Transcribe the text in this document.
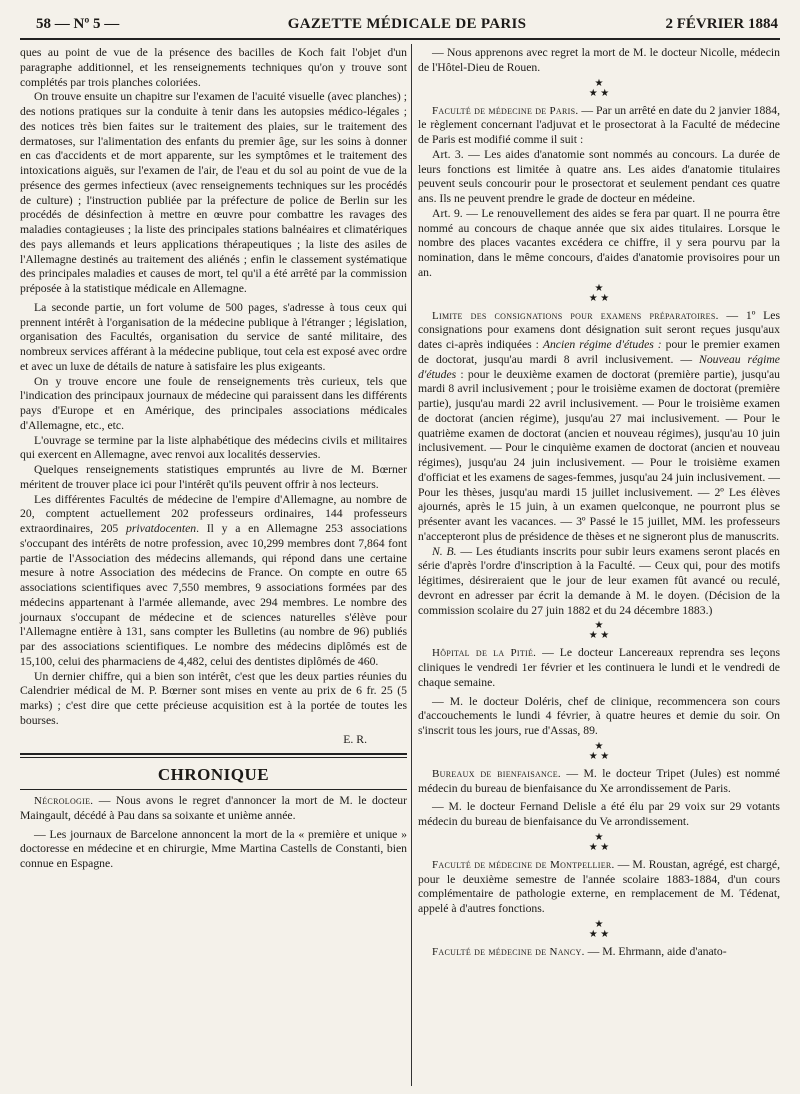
58 — Nº 5 —	GAZETTE MÉDICALE DE PARIS	2 FÉVRIER 1884

ques au point de vue de la présence des bacilles de Koch fait l'objet d'un paragraphe additionnel, et les renseignements techniques qu'on y trouve sont complétés par trois planches coloriées.

On trouve ensuite un chapitre sur l'examen de l'acuité visuelle (avec planches) ; des notions pratiques sur la conduite à tenir dans les autopsies médico-légales ; des notices très bien faites sur le traitement des plaies, sur le traitement des dermatoses, sur l'alimentation des enfants du premier âge, sur les soins à donner en cas d'accidents et de mort apparente, sur les symptômes et le traitement des intoxications aiguës, sur l'examen de l'air, de l'eau et du sol au point de vue de la présence des germes infectieux (avec renseignements techniques sur les procédés de culture) ; l'instruction publiée par la préfecture de police de Berlin sur les procédés de désinfection à mettre en œuvre pour combattre les ravages des maladies contagieuses ; la liste des principales stations balnéaires et climatériques des pays allemands et leurs applications thérapeutiques ; la liste des asiles de l'Allemagne destinés au traitement des aliénés ; enfin le classement systématique des principales maladies et causes de mort, tel qu'il a été arrêté par la commission préposée à la statistique médicale en Allemagne.

La seconde partie, un fort volume de 500 pages, s'adresse à tous ceux qui prennent intérêt à l'organisation de la médecine publique à l'étranger ; législation, organisation des Facultés, organisation du service de santé militaire, des nombreux services afférant à la médecine publique, tout cela est exposé avec ordre et avec un luxe de détails de nature à satisfaire les plus exigeants.

On y trouve encore une foule de renseignements très curieux, tels que l'indication des principaux journaux de médecine qui paraissent dans les différents pays d'Europe et en Amérique, des principales associations médicales d'Allemagne, etc., etc.

L'ouvrage se termine par la liste alphabétique des médecins civils et militaires qui exercent en Allemagne, avec renvoi aux localités desservies.

Quelques renseignements statistiques empruntés au livre de M. Bœrner méritent de trouver place ici pour l'intérêt qu'ils peuvent offrir à nos lecteurs.

Les différentes Facultés de médecine de l'empire d'Allemagne, au nombre de 20, comptent actuellement 202 professeurs ordinaires, 144 professeurs extraordinaires, 205 privatdocenten. Il y a en Allemagne 253 associations s'occupant des intérêts de notre profession, avec 10,299 membres dont 7,864 font partie de l'Association des médecins allemands, qui répond dans une certaine mesure à notre Association des médecins de France. On compte en outre 65 associations scientifiques avec 7,550 membres, 9 associations formées par des médecins appartenant à l'armée allemande, avec 294 membres. Le nombre des journaux s'occupant de médecine et de sciences naturelles s'élève pour l'Allemagne entière à 131, sans compter les Bulletins (au nombre de 96) publiés par des associations scientifiques. Le nombre des médecins diplômés est de 15,100, celui des pharmaciens de 4,482, celui des dentistes diplômés de 460.

Un dernier chiffre, qui a bien son intérêt, c'est que les deux parties réunies du Calendrier médical de M. P. Bœrner sont mises en vente au prix de 6 fr. 25 (5 marks) ; c'est dire que cette précieuse acquisition est à la portée de toutes les bourses.

E. R.

CHRONIQUE

Nécrologie. — Nous avons le regret d'annoncer la mort de M. le docteur Maingault, décédé à Pau dans sa soixante et unième année.

— Les journaux de Barcelone annoncent la mort de la « première et unique » doctoresse en médecine et en chirurgie, Mme Martina Castells de Constanti, bien connue en Espagne.

— Nous apprenons avec regret la mort de M. le docteur Nicolle, médecin de l'Hôtel-Dieu de Rouen.

★
★ ★

Faculté de médecine de Paris. — Par un arrêté en date du 2 janvier 1884, le règlement concernant l'adjuvat et le prosectorat à la Faculté de médecine de Paris est modifié comme il suit :

Art. 3. — Les aides d'anatomie sont nommés au concours. La durée de leurs fonctions est limitée à quatre ans. Les aides d'anatomie titulaires peuvent seuls concourir pour le prosectorat et seulement pendant ces quatre ans. Ils ne peuvent prendre le grade de docteur en médeine.

Art. 9. — Le renouvellement des aides se fera par quart. Il ne pourra être nommé au concours de chaque année que six aides titulaires. Lorsque le nombre des places vacantes excédera ce chiffre, il y sera pourvu par la nomination, dans le même concours, d'aides d'anatomie provisoires pour un an.

★
★ ★

Limite des consignations pour examens préparatoires. — 1º Les consignations pour examens dont désignation suit seront reçues jusqu'aux dates ci-après indiquées : Ancien régime d'études : pour le premier examen de doctorat, jusqu'au mardi 8 avril inclusivement. — Nouveau régime d'études : pour le deuxième examen de doctorat (première partie), jusqu'au mardi 8 avril inclusivement ; pour le troisième examen de doctorat (première partie), jusqu'au mardi 22 avril inclusivement. — Pour le troisième examen de doctorat (ancien régime), jusqu'au 27 mai inclusivement. — Pour le quatrième examen de doctorat (ancien et nouveau régimes), jusqu'au 10 juin inclusivement. — Pour le cinquième examen de doctorat (ancien et nouveau régimes), jusqu'au 24 juin inclusivement. — Pour le troisième examen d'officiat et les examens de sages-femmes, jusqu'au 24 juin inclusivement. — Pour les thèses, jusqu'au mardi 15 juillet inclusivement. — 2º Les élèves ajournés, après le 15 juin, à un examen quelconque, ne pourront plus se présenter avant les vacances. — 3º Passé le 15 juillet, MM. les professeurs n'accepteront plus de présidence de thèses et ne signeront plus de manuscrits.

N. B. — Les étudiants inscrits pour subir leurs examens seront placés en série d'après l'ordre d'inscription à la Faculté. — Ceux qui, pour des motifs légitimes, désireraient que le jour de leur examen fût avancé ou reculé, devront en adresser par écrit la demande à M. le doyen. (Décision de la commission scolaire du 27 juin 1882 et du 24 décembre 1883.)

★
★ ★

Hôpital de la Pitié. — Le docteur Lancereaux reprendra ses leçons cliniques le vendredi 1er février et les continuera le lundi et le vendredi de chaque semaine.

— M. le docteur Doléris, chef de clinique, recommencera son cours d'accouchements le lundi 4 février, à quatre heures et demie du soir. On s'inscrit tous les jours, rue d'Assas, 89.

★
★ ★

Bureaux de bienfaisance. — M. le docteur Tripet (Jules) est nommé médecin du bureau de bienfaisance du Xe arrondissement de Paris.

— M. le docteur Fernand Delisle a été élu par 29 voix sur 29 votants médecin du bureau de bienfaisance du Ve arrondissement.

★
★ ★

Faculté de médecine de Montpellier. — M. Roustan, agrégé, est chargé, pour le deuxième semestre de l'année scolaire 1883-1884, d'un cours complémentaire de pathologie externe, en remplacement de M. Tédenat, appelé à d'autres fonctions.

★
★ ★

Faculté de médecine de Nancy. — M. Ehrmann, aide d'anato-
